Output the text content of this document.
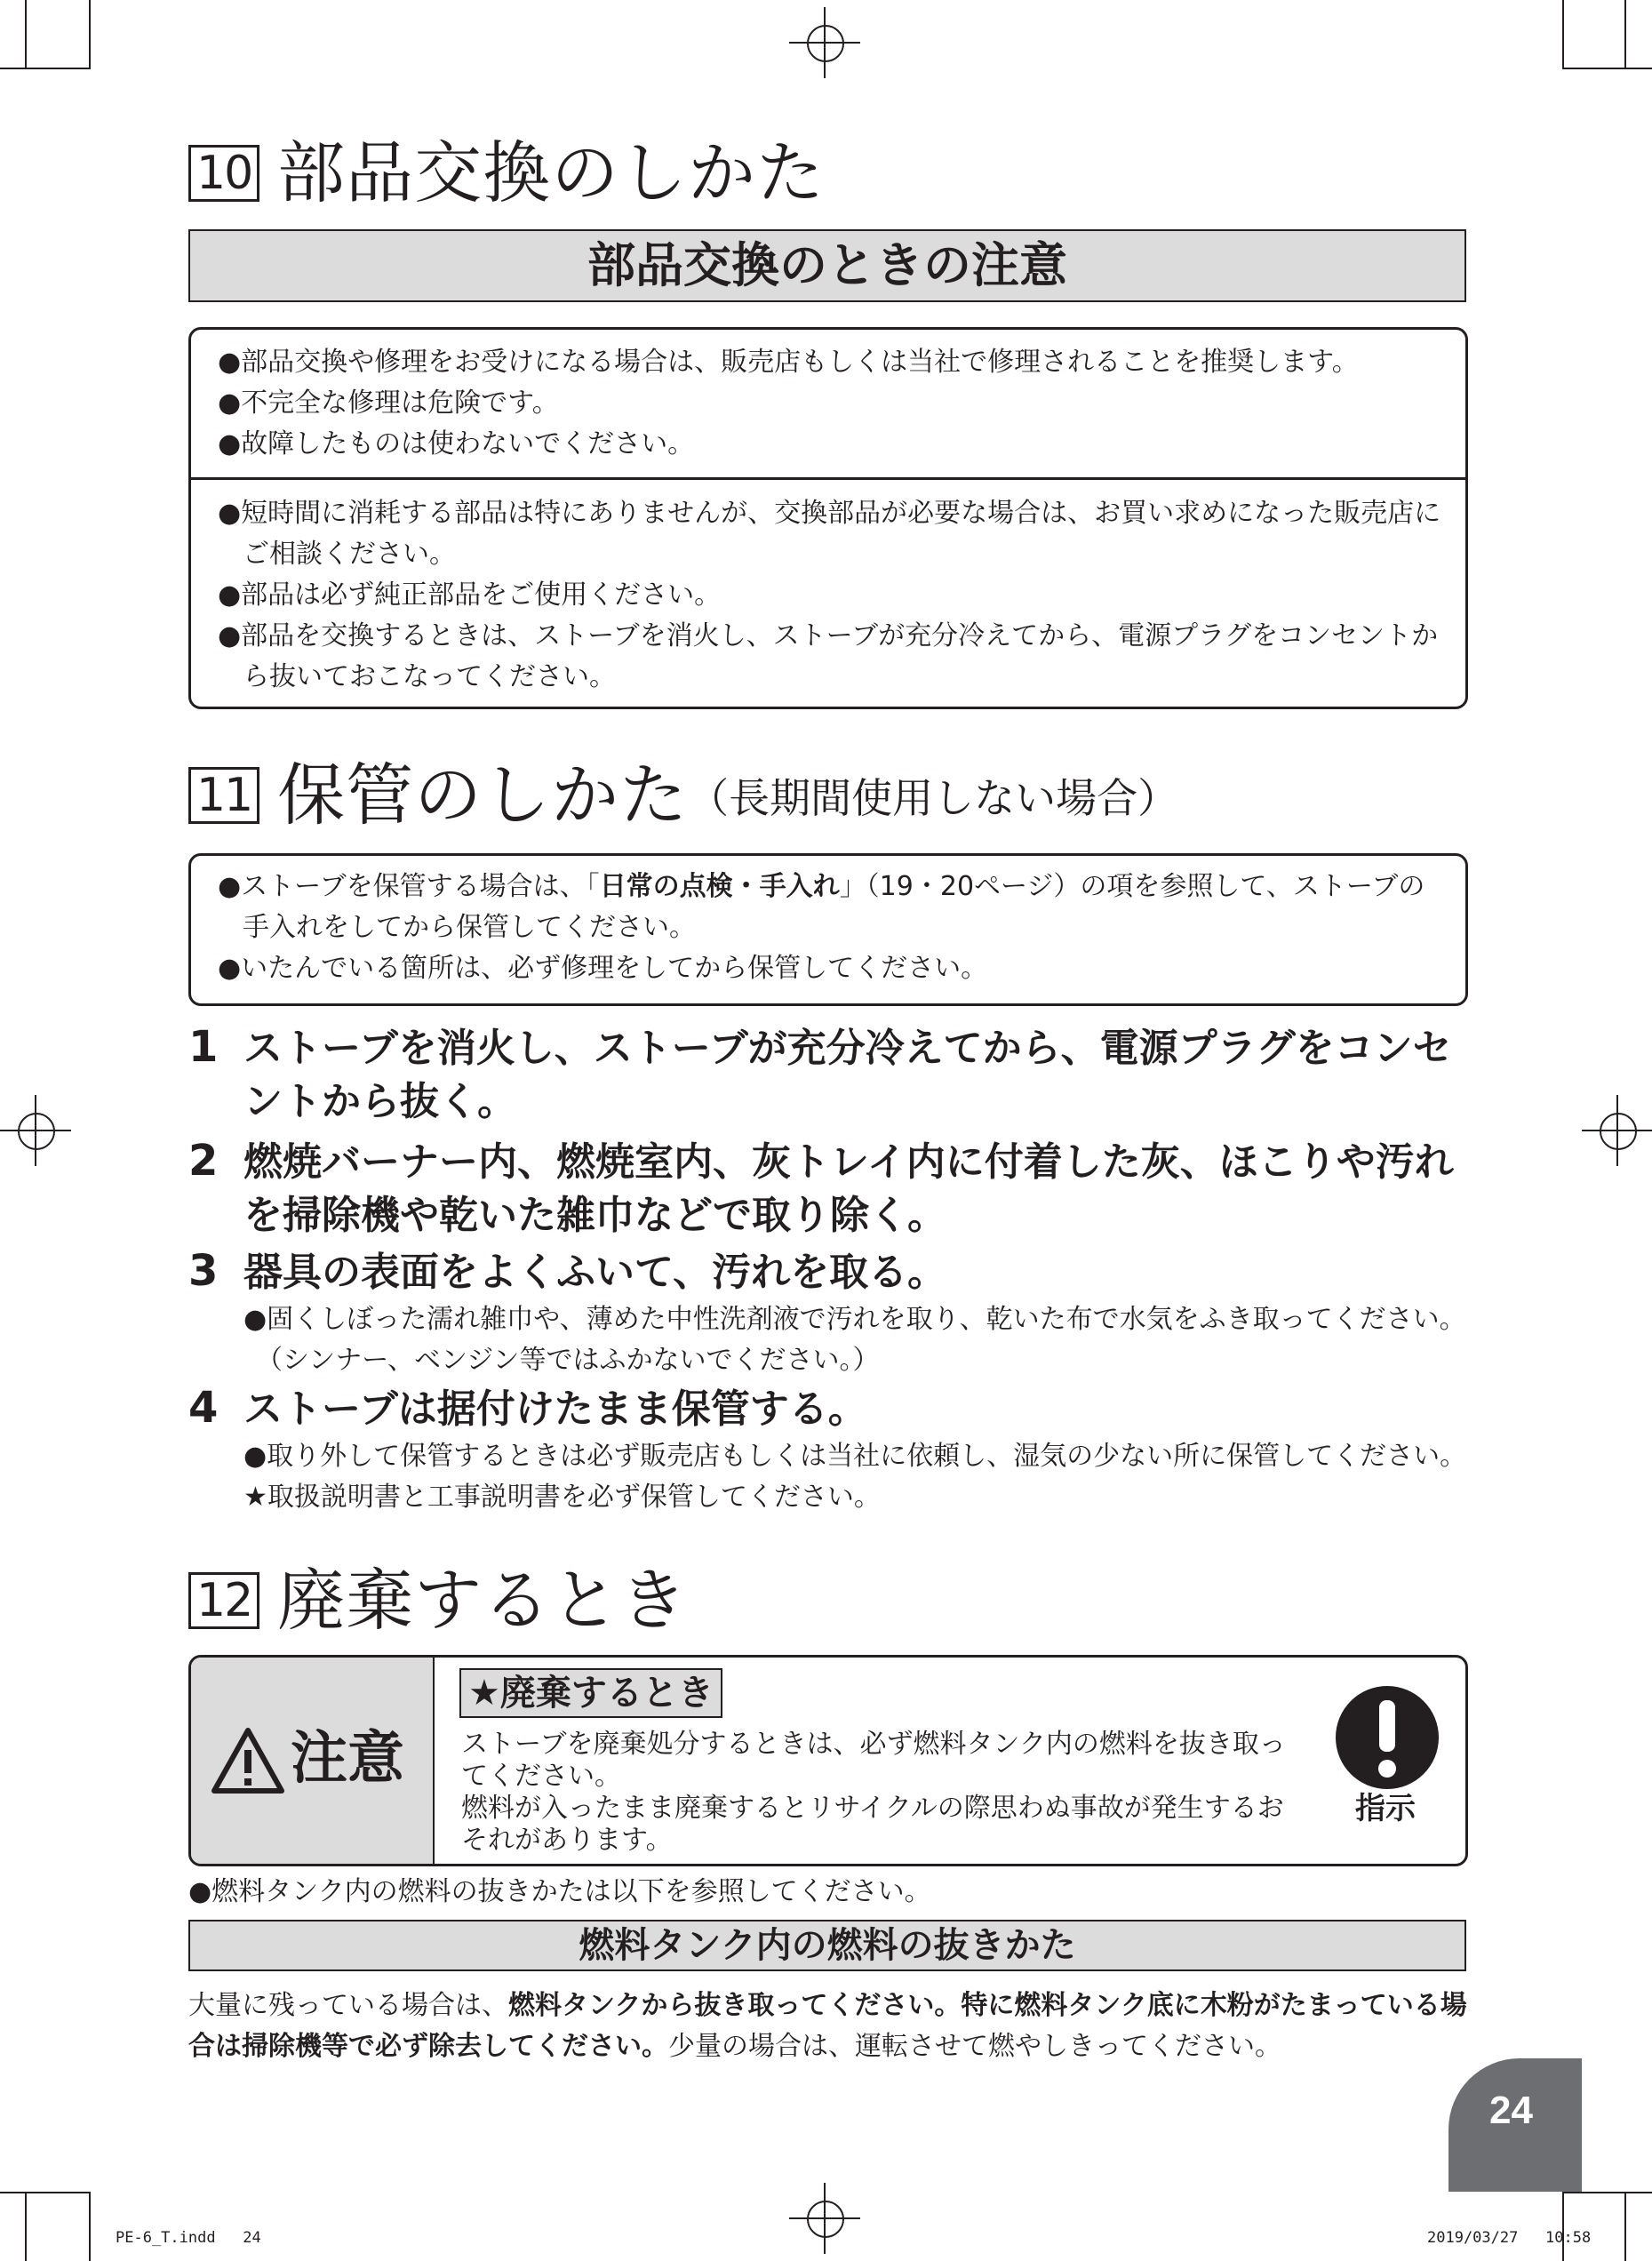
10 部品交換のしかた
部品交換のときの注意
●部品交換や修理をお受けになる場合は、販売店もしくは当社で修理されることを推奨します。
●不完全な修理は危険です。
●故障したものは使わないでください。
●短時間に消耗する部品は特にありませんが、交換部品が必要な場合は、お買い求めになった販売店にご相談ください。
●部品は必ず純正部品をご使用ください。
●部品を交換するときは、ストーブを消火し、ストーブが充分冷えてから、電源プラグをコンセントから抜いておこなってください。
11 保管のしかた （長期間使用しない場合）
●ストーブを保管する場合は、「日常の点検・手入れ」（19・20ページ）の項を参照して、ストーブの手入れをしてから保管してください。
●いたんでいる箇所は、必ず修理をしてから保管してください。
1 ストーブを消火し、ストーブが充分冷えてから、電源プラグをコンセントから抜く。
2 燃焼バーナー内、燃焼室内、灰トレイ内に付着した灰、ほこりや汚れを掃除機や乾いた雑巾などで取り除く。
3 器具の表面をよくふいて、汚れを取る。
●固くしぼった濡れ雑巾や、薄めた中性洗剤液で汚れを取り、乾いた布で水気をふき取ってください。
（シンナー、ベンジン等ではふかないでください。）
4 ストーブは据付けたまま保管する。
●取り外して保管するときは必ず販売店もしくは当社に依頼し、湿気の少ない所に保管してください。
★取扱説明書と工事説明書を必ず保管してください。
12 廃棄するとき
注意
★廃棄するとき
ストーブを廃棄処分するときは、必ず燃料タンク内の燃料を抜き取ってください。
燃料が入ったまま廃棄するとリサイクルの際思わぬ事故が発生するおそれがあります。
指示
●燃料タンク内の燃料の抜きかたは以下を参照してください。
燃料タンク内の燃料の抜きかた
大量に残っている場合は、燃料タンクから抜き取ってください。特に燃料タンク底に木粉がたまっている場合は掃除機等で必ず除去してください。少量の場合は、運転させて燃やしきってください。
24
PE-6_T.indd   24	2019/03/27   10:58
